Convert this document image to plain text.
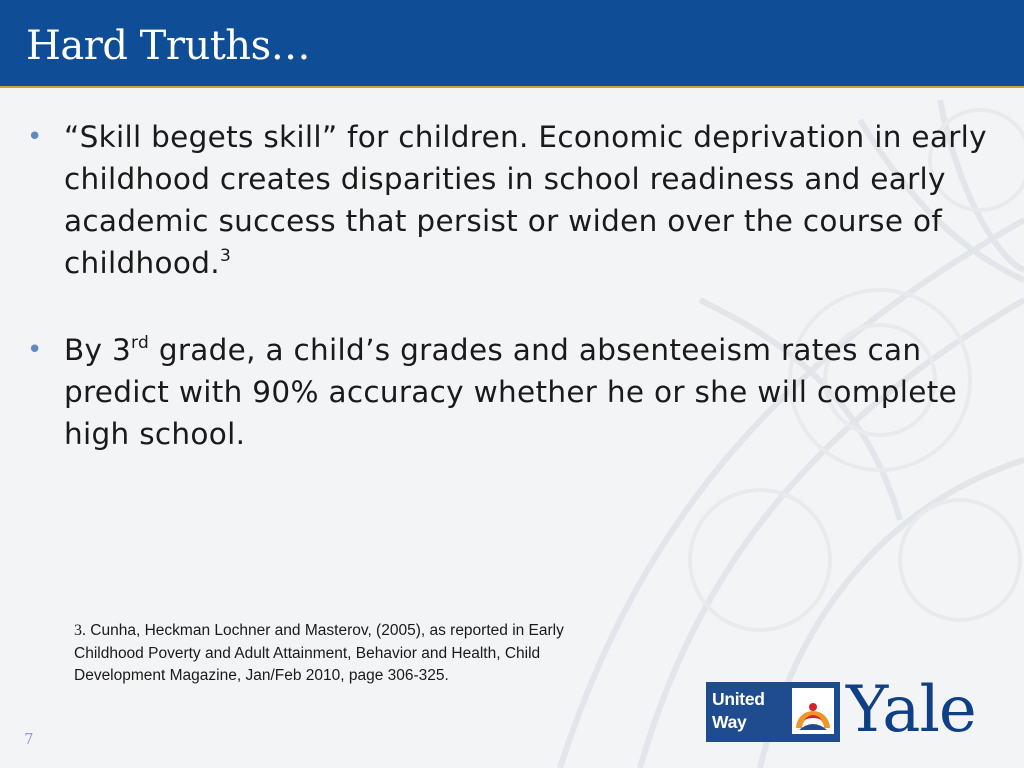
Hard Truths…
• “Skill begets skill” for children. Economic deprivation in early childhood creates disparities in school readiness and early academic success that persist or widen over the course of childhood.$^3$
• By 3rd grade, a child’s grades and absenteeism rates can predict with 90% accuracy whether he or she will complete high school.
3. Cunha, Heckman Lochner and Masterov, (2005), as reported in Early Childhood Poverty and Adult Attainment, Behavior and Health, Child Development Magazine, Jan/Feb 2010, page 306-325.
7
United
Way	Yale
